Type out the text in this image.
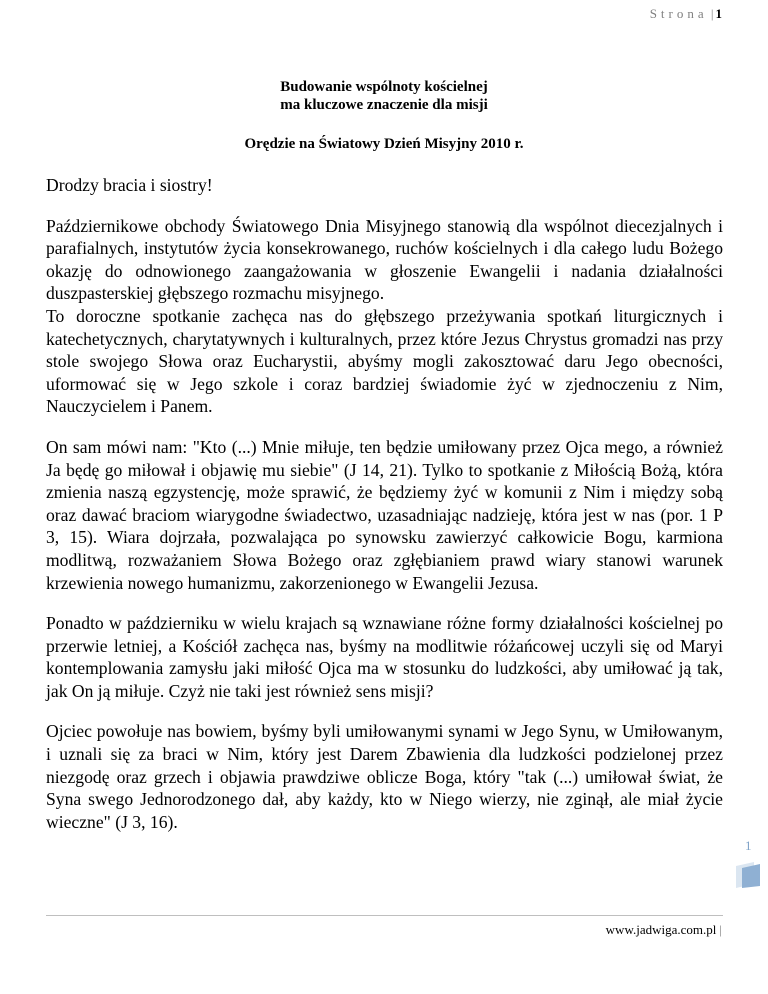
Strona | 1
Budowanie wspólnoty kościelnej
ma kluczowe znaczenie dla misji
Orędzie na Światowy Dzień Misyjny 2010 r.

Drodzy bracia i siostry!

Październikowe obchody Światowego Dnia Misyjnego stanowią dla wspólnot diecezjalnych i parafialnych, instytutów życia konsekrowanego, ruchów kościelnych i dla całego ludu Bożego okazję do odnowionego zaangażowania w głoszenie Ewangelii i nadania działalności duszpasterskiej głębszego rozmachu misyjnego.

To doroczne spotkanie zachęca nas do głębszego przeżywania spotkań liturgicznych i katechetycznych, charytatywnych i kulturalnych, przez które Jezus Chrystus gromadzi nas przy stole swojego Słowa oraz Eucharystii, abyśmy mogli zakosztować daru Jego obecności, uformować się w Jego szkole i coraz bardziej świadomie żyć w zjednoczeniu z Nim, Nauczycielem i Panem.

On sam mówi nam: "Kto (...) Mnie miłuje, ten będzie umiłowany przez Ojca mego, a również Ja będę go miłował i objawię mu siebie" (J 14, 21). Tylko to spotkanie z Miłością Bożą, która zmienia naszą egzystencję, może sprawić, że będziemy żyć w komunii z Nim i między sobą oraz dawać braciom wiarygodne świadectwo, uzasadniając nadzieję, która jest w nas (por. 1 P 3, 15). Wiara dojrzała, pozwalająca po synowsku zawierzyć całkowicie Bogu, karmiona modlitwą, rozważaniem Słowa Bożego oraz zgłębianiem prawd wiary stanowi warunek krzewienia nowego humanizmu, zakorzenionego w Ewangelii Jezusa.

Ponadto w październiku w wielu krajach są wznawiane różne formy działalności kościelnej po przerwie letniej, a Kościół zachęca nas, byśmy na modlitwie różańcowej uczyli się od Maryi kontemplowania zamysłu jaki miłość Ojca ma w stosunku do ludzkości, aby umiłować ją tak, jak On ją miłuje. Czyż nie taki jest również sens misji?

Ojciec powołuje nas bowiem, byśmy byli umiłowanymi synami w Jego Synu, w Umiłowanym, i uznali się za braci w Nim, który jest Darem Zbawienia dla ludzkości podzielonej przez niezgodę oraz grzech i objawia prawdziwe oblicze Boga, który "tak (...) umiłował świat, że Syna swego Jednorodzonego dał, aby każdy, kto w Niego wierzy, nie zginął, ale miał życie wieczne" (J 3, 16).

1
www.jadwiga.com.pl |
